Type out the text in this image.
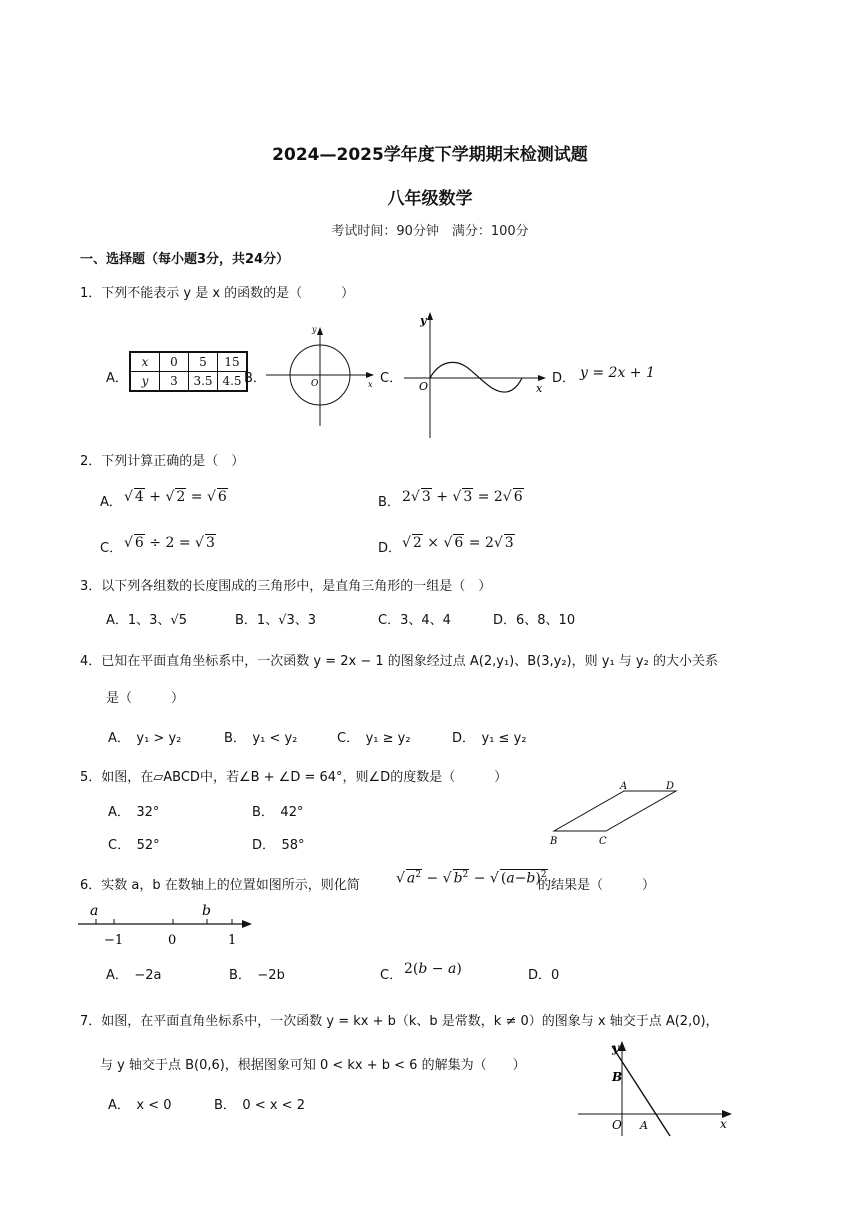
2024—2025学年度下学期期末检测试题
八年级数学
考试时间：90分钟　满分：100分
一、选择题（每小题3分，共24分）
1．下列不能表示 y 是 x 的函数的是（　　　）
A．
x	0	5	15
y	3	3.5	4.5 B．
y
x
O	C．
y
x
O
D． y = 2x + 1
2．下列计算正确的是（　）
A． √ 4 + √ 2 = √ 6	B． 2√ 3 + √ 3 = 2√ 6
C． √ 6 ÷ 2 = √ 3	D． √ 2 × √ 6 = 2√ 3
3．以下列各组数的长度围成的三角形中，是直角三角形的一组是（　）
A．1、3、√5	B．1、√3、3	C．3、4、4	D．6、8、10
4．已知在平面直角坐标系中，一次函数 y = 2x − 1 的图象经过点 A(2,y₁)、B(3,y₂)，则 y₁ 与 y₂ 的大小关系
是（　　　）
A．　y₁ > y₂	B．　y₁ < y₂	C．　y₁ ≥ y₂	D．　y₁ ≤ y₂
5．如图，在▱ABCD中，若∠B + ∠D = 64°，则∠D的度数是（　　　）
A．　32°	B．　42°
C．　52°	D．　58°
A	D
B	C
6．实数 a，b 在数轴上的位置如图所示，则化简	√ $a^2$ − √ $b^2$ − √ $(a-b)^2$
的结果是（　　　）
a	b
−1	0	1
A．　−2a	B．　−2b	C． 2(b − a)	D．0
7．如图，在平面直角坐标系中，一次函数 y = kx + b（k、b 是常数，k ≠ 0）的图象与 x 轴交于点 A(2,0)，
与 y 轴交于点 B(0,6)，根据图象可知 0 < kx + b < 6 的解集为（　　）
A．　x < 0	B．　0 < x < 2
y
x
O A
B
